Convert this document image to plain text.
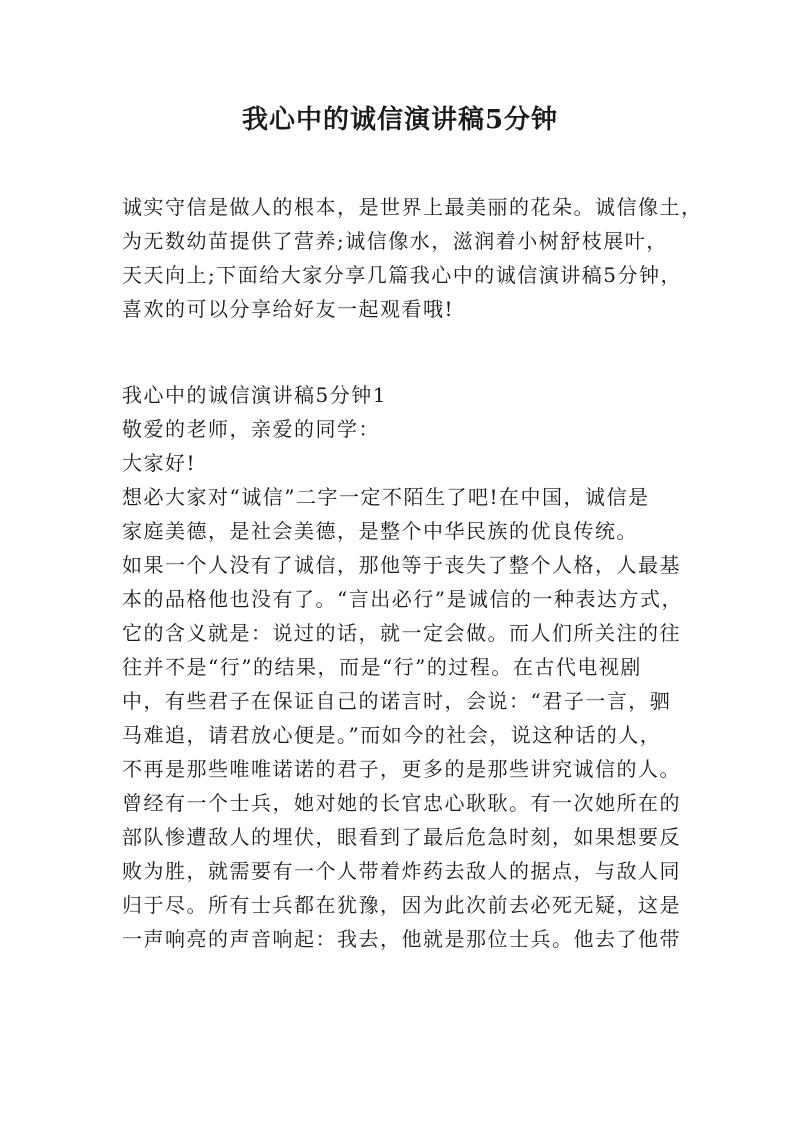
我心中的诚信演讲稿5分钟
诚实守信是做人的根本，是世界上最美丽的花朵。诚信像土，
为无数幼苗提供了营养;诚信像水，滋润着小树舒枝展叶，
天天向上;下面给大家分享几篇我心中的诚信演讲稿5分钟，
喜欢的可以分享给好友一起观看哦!
我心中的诚信演讲稿5分钟1
敬爱的老师，亲爱的同学：
大家好!
想必大家对“诚信”二字一定不陌生了吧!在中国，诚信是
家庭美德，是社会美德，是整个中华民族的优良传统。
如果一个人没有了诚信，那他等于丧失了整个人格，人最基
本的品格他也没有了。“言出必行”是诚信的一种表达方式，
它的含义就是：说过的话，就一定会做。而人们所关注的往
往并不是“行”的结果，而是“行”的过程。在古代电视剧
中，有些君子在保证自己的诺言时，会说：“君子一言，驷
马难追，请君放心便是。”而如今的社会，说这种话的人，
不再是那些唯唯诺诺的君子，更多的是那些讲究诚信的人。
曾经有一个士兵，她对她的长官忠心耿耿。有一次她所在的
部队惨遭敌人的埋伏，眼看到了最后危急时刻，如果想要反
败为胜，就需要有一个人带着炸药去敌人的据点，与敌人同
归于尽。所有士兵都在犹豫，因为此次前去必死无疑，这是
一声响亮的声音响起：我去，他就是那位士兵。他去了他带
